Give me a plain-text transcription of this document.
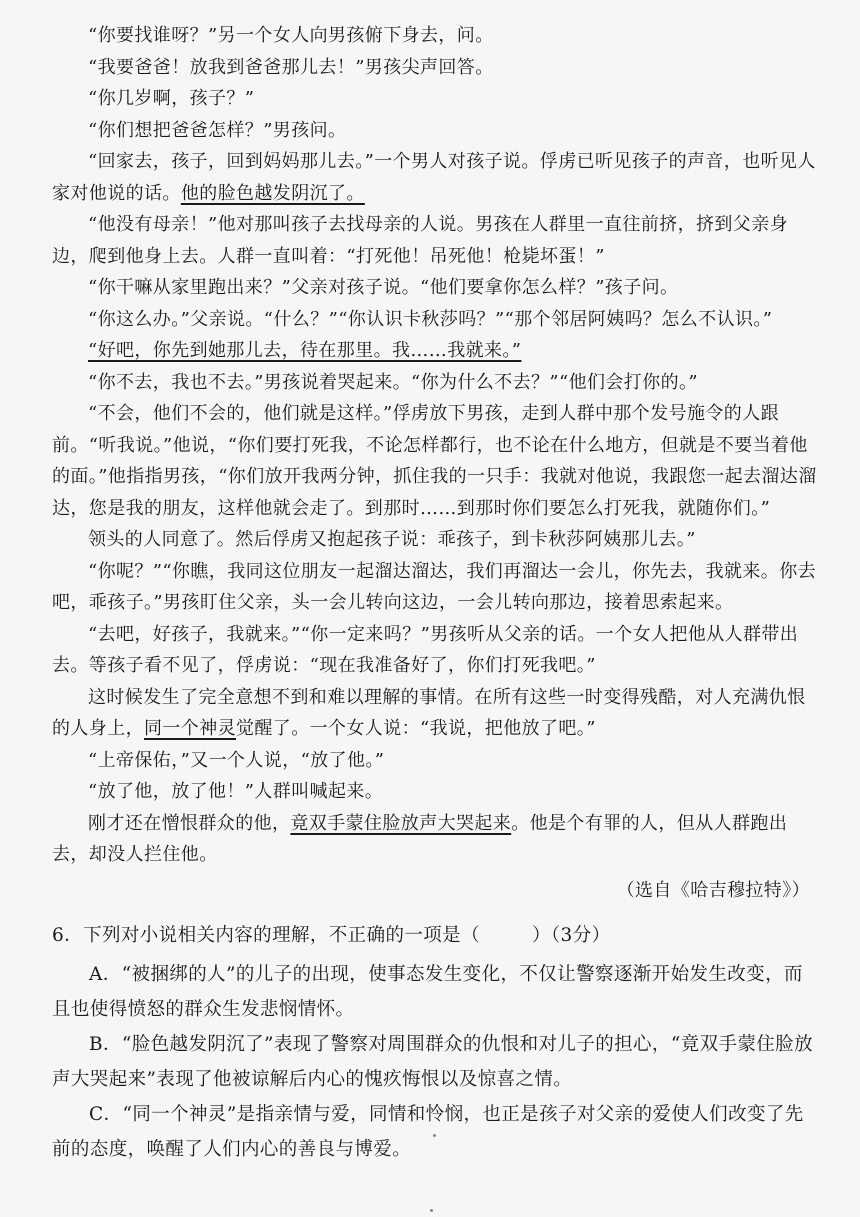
“你要找谁呀？”另一个女人向男孩俯下身去，问。

“我要爸爸！放我到爸爸那儿去！”男孩尖声回答。

“你几岁啊，孩子？”

“你们想把爸爸怎样？”男孩问。

“回家去，孩子，回到妈妈那儿去。”一个男人对孩子说。俘虏已听见孩子的声音，也听见人家对他说的话。他的脸色越发阴沉了。

“他没有母亲！”他对那叫孩子去找母亲的人说。男孩在人群里一直往前挤，挤到父亲身边，爬到他身上去。人群一直叫着：“打死他！吊死他！枪毙坏蛋！”

“你干嘛从家里跑出来？”父亲对孩子说。“他们要拿你怎么样？”孩子问。

“你这么办。”父亲说。“什么？”“你认识卡秋莎吗？”“那个邻居阿姨吗？怎么不认识。”

“好吧，你先到她那儿去，待在那里。我……我就来。”

“你不去，我也不去。”男孩说着哭起来。“你为什么不去？”“他们会打你的。”

“不会，他们不会的，他们就是这样。”俘虏放下男孩，走到人群中那个发号施令的人跟前。“听我说。”他说，“你们要打死我，不论怎样都行，也不论在什么地方，但就是不要当着他的面。”他指指男孩，“你们放开我两分钟，抓住我的一只手：我就对他说，我跟您一起去溜达溜达，您是我的朋友，这样他就会走了。到那时……到那时你们要怎么打死我，就随你们。”

领头的人同意了。然后俘虏又抱起孩子说：乖孩子，到卡秋莎阿姨那儿去。”

“你呢？”“你瞧，我同这位朋友一起溜达溜达，我们再溜达一会儿，你先去，我就来。你去吧，乖孩子。”男孩盯住父亲，头一会儿转向这边，一会儿转向那边，接着思索起来。

“去吧，好孩子，我就来。”“你一定来吗？”男孩听从父亲的话。一个女人把他从人群带出去。等孩子看不见了，俘虏说：“现在我准备好了，你们打死我吧。”

这时候发生了完全意想不到和难以理解的事情。在所有这些一时变得残酷，对人充满仇恨的人身上，同一个神灵觉醒了。一个女人说：“我说，把他放了吧。”

“上帝保佑，”又一个人说，“放了他。”

“放了他，放了他！”人群叫喊起来。

刚才还在憎恨群众的他，竟双手蒙住脸放声大哭起来。他是个有罪的人，但从人群跑出去，却没人拦住他。

（选自《哈吉穆拉特》）

6．下列对小说相关内容的理解，不正确的一项是（	）（3分）

A．“被捆绑的人”的儿子的出现，使事态发生变化，不仅让警察逐渐开始发生改变，而且也使得愤怒的群众生发悲悯情怀。

B．“脸色越发阴沉了”表现了警察对周围群众的仇恨和对儿子的担心，“竟双手蒙住脸放声大哭起来”表现了他被谅解后内心的愧疚悔恨以及惊喜之情。

C．“同一个神灵”是指亲情与爱，同情和怜悯，也正是孩子对父亲的爱使人们改变了先前的态度，唤醒了人们内心的善良与博爱。
